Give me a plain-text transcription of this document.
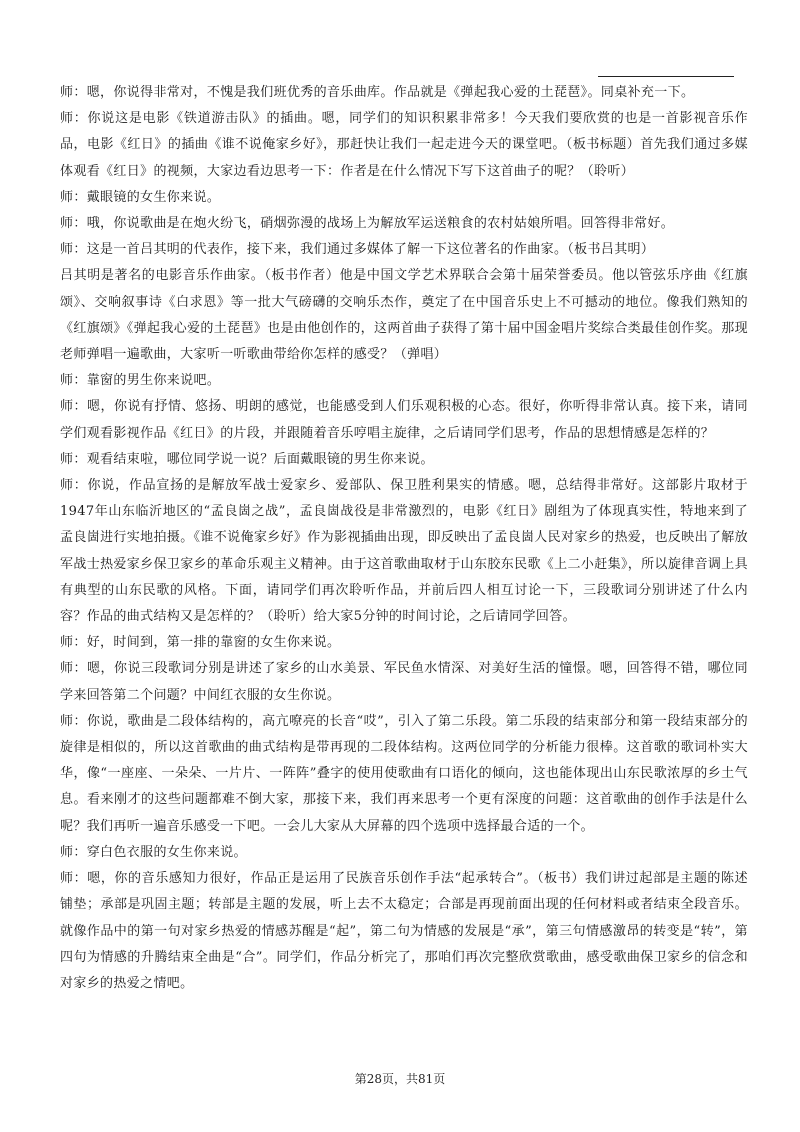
师：嗯，你说得非常对，不愧是我们班优秀的音乐曲库。作品就是《弹起我心爱的土琵琶》。同桌补充一下。

师：你说这是电影《铁道游击队》的插曲。嗯，同学们的知识积累非常多！今天我们要欣赏的也是一首影视音乐作品，电影《红日》的插曲《谁不说俺家乡好》，那赶快让我们一起走进今天的课堂吧。（板书标题）首先我们通过多媒体观看《红日》的视频，大家边看边思考一下：作者是在什么情况下写下这首曲子的呢？（聆听）

师：戴眼镜的女生你来说。

师：哦，你说歌曲是在炮火纷飞，硝烟弥漫的战场上为解放军运送粮食的农村姑娘所唱。回答得非常好。

师：这是一首吕其明的代表作，接下来，我们通过多媒体了解一下这位著名的作曲家。（板书吕其明）

吕其明是著名的电影音乐作曲家。（板书作者）他是中国文学艺术界联合会第十届荣誉委员。他以管弦乐序曲《红旗颂》、交响叙事诗《白求恩》等一批大气磅礴的交响乐杰作，奠定了在中国音乐史上不可撼动的地位。像我们熟知的《红旗颂》《弹起我心爱的土琵琶》也是由他创作的，这两首曲子获得了第十届中国金唱片奖综合类最佳创作奖。那现老师弹唱一遍歌曲，大家听一听歌曲带给你怎样的感受？（弹唱）

师：靠窗的男生你来说吧。

师：嗯，你说有抒情、悠扬、明朗的感觉，也能感受到人们乐观积极的心态。很好，你听得非常认真。接下来，请同学们观看影视作品《红日》的片段，并跟随着音乐哼唱主旋律，之后请同学们思考，作品的思想情感是怎样的？

师：观看结束啦，哪位同学说一说？后面戴眼镜的男生你来说。

师：你说，作品宣扬的是解放军战士爱家乡、爱部队、保卫胜利果实的情感。嗯，总结得非常好。这部影片取材于1947年山东临沂地区的“孟良崮之战”，孟良崮战役是非常激烈的，电影《红日》剧组为了体现真实性，特地来到了孟良崮进行实地拍摄。《谁不说俺家乡好》作为影视插曲出现，即反映出了孟良崮人民对家乡的热爱，也反映出了解放军战士热爱家乡保卫家乡的革命乐观主义精神。由于这首歌曲取材于山东胶东民歌《上二小赶集》，所以旋律音调上具有典型的山东民歌的风格。下面，请同学们再次聆听作品，并前后四人相互讨论一下，三段歌词分别讲述了什么内容？作品的曲式结构又是怎样的？（聆听）给大家5分钟的时间讨论，之后请同学回答。

师：好，时间到，第一排的靠窗的女生你来说。

师：嗯，你说三段歌词分别是讲述了家乡的山水美景、军民鱼水情深、对美好生活的憧憬。嗯，回答得不错，哪位同学来回答第二个问题？中间红衣服的女生你说。

师：你说，歌曲是二段体结构的，高亢嘹亮的长音“哎”，引入了第二乐段。第二乐段的结束部分和第一段结束部分的旋律是相似的，所以这首歌曲的曲式结构是带再现的二段体结构。这两位同学的分析能力很棒。这首歌的歌词朴实大华，像“一座座、一朵朵、一片片、一阵阵”叠字的使用使歌曲有口语化的倾向，这也能体现出山东民歌浓厚的乡土气息。看来刚才的这些问题都难不倒大家，那接下来，我们再来思考一个更有深度的问题：这首歌曲的创作手法是什么呢？我们再听一遍音乐感受一下吧。一会儿大家从大屏幕的四个选项中选择最合适的一个。

师：穿白色衣服的女生你来说。

师：嗯，你的音乐感知力很好，作品正是运用了民族音乐创作手法“起承转合”。（板书）我们讲过起部是主题的陈述铺垫；承部是巩固主题；转部是主题的发展，听上去不太稳定；合部是再现前面出现的任何材料或者结束全段音乐。就像作品中的第一句对家乡热爱的情感苏醒是“起”，第二句为情感的发展是“承”，第三句情感激昂的转变是“转”，第四句为情感的升腾结束全曲是“合”。同学们，作品分析完了，那咱们再次完整欣赏歌曲，感受歌曲保卫家乡的信念和对家乡的热爱之情吧。

第28页，共81页
